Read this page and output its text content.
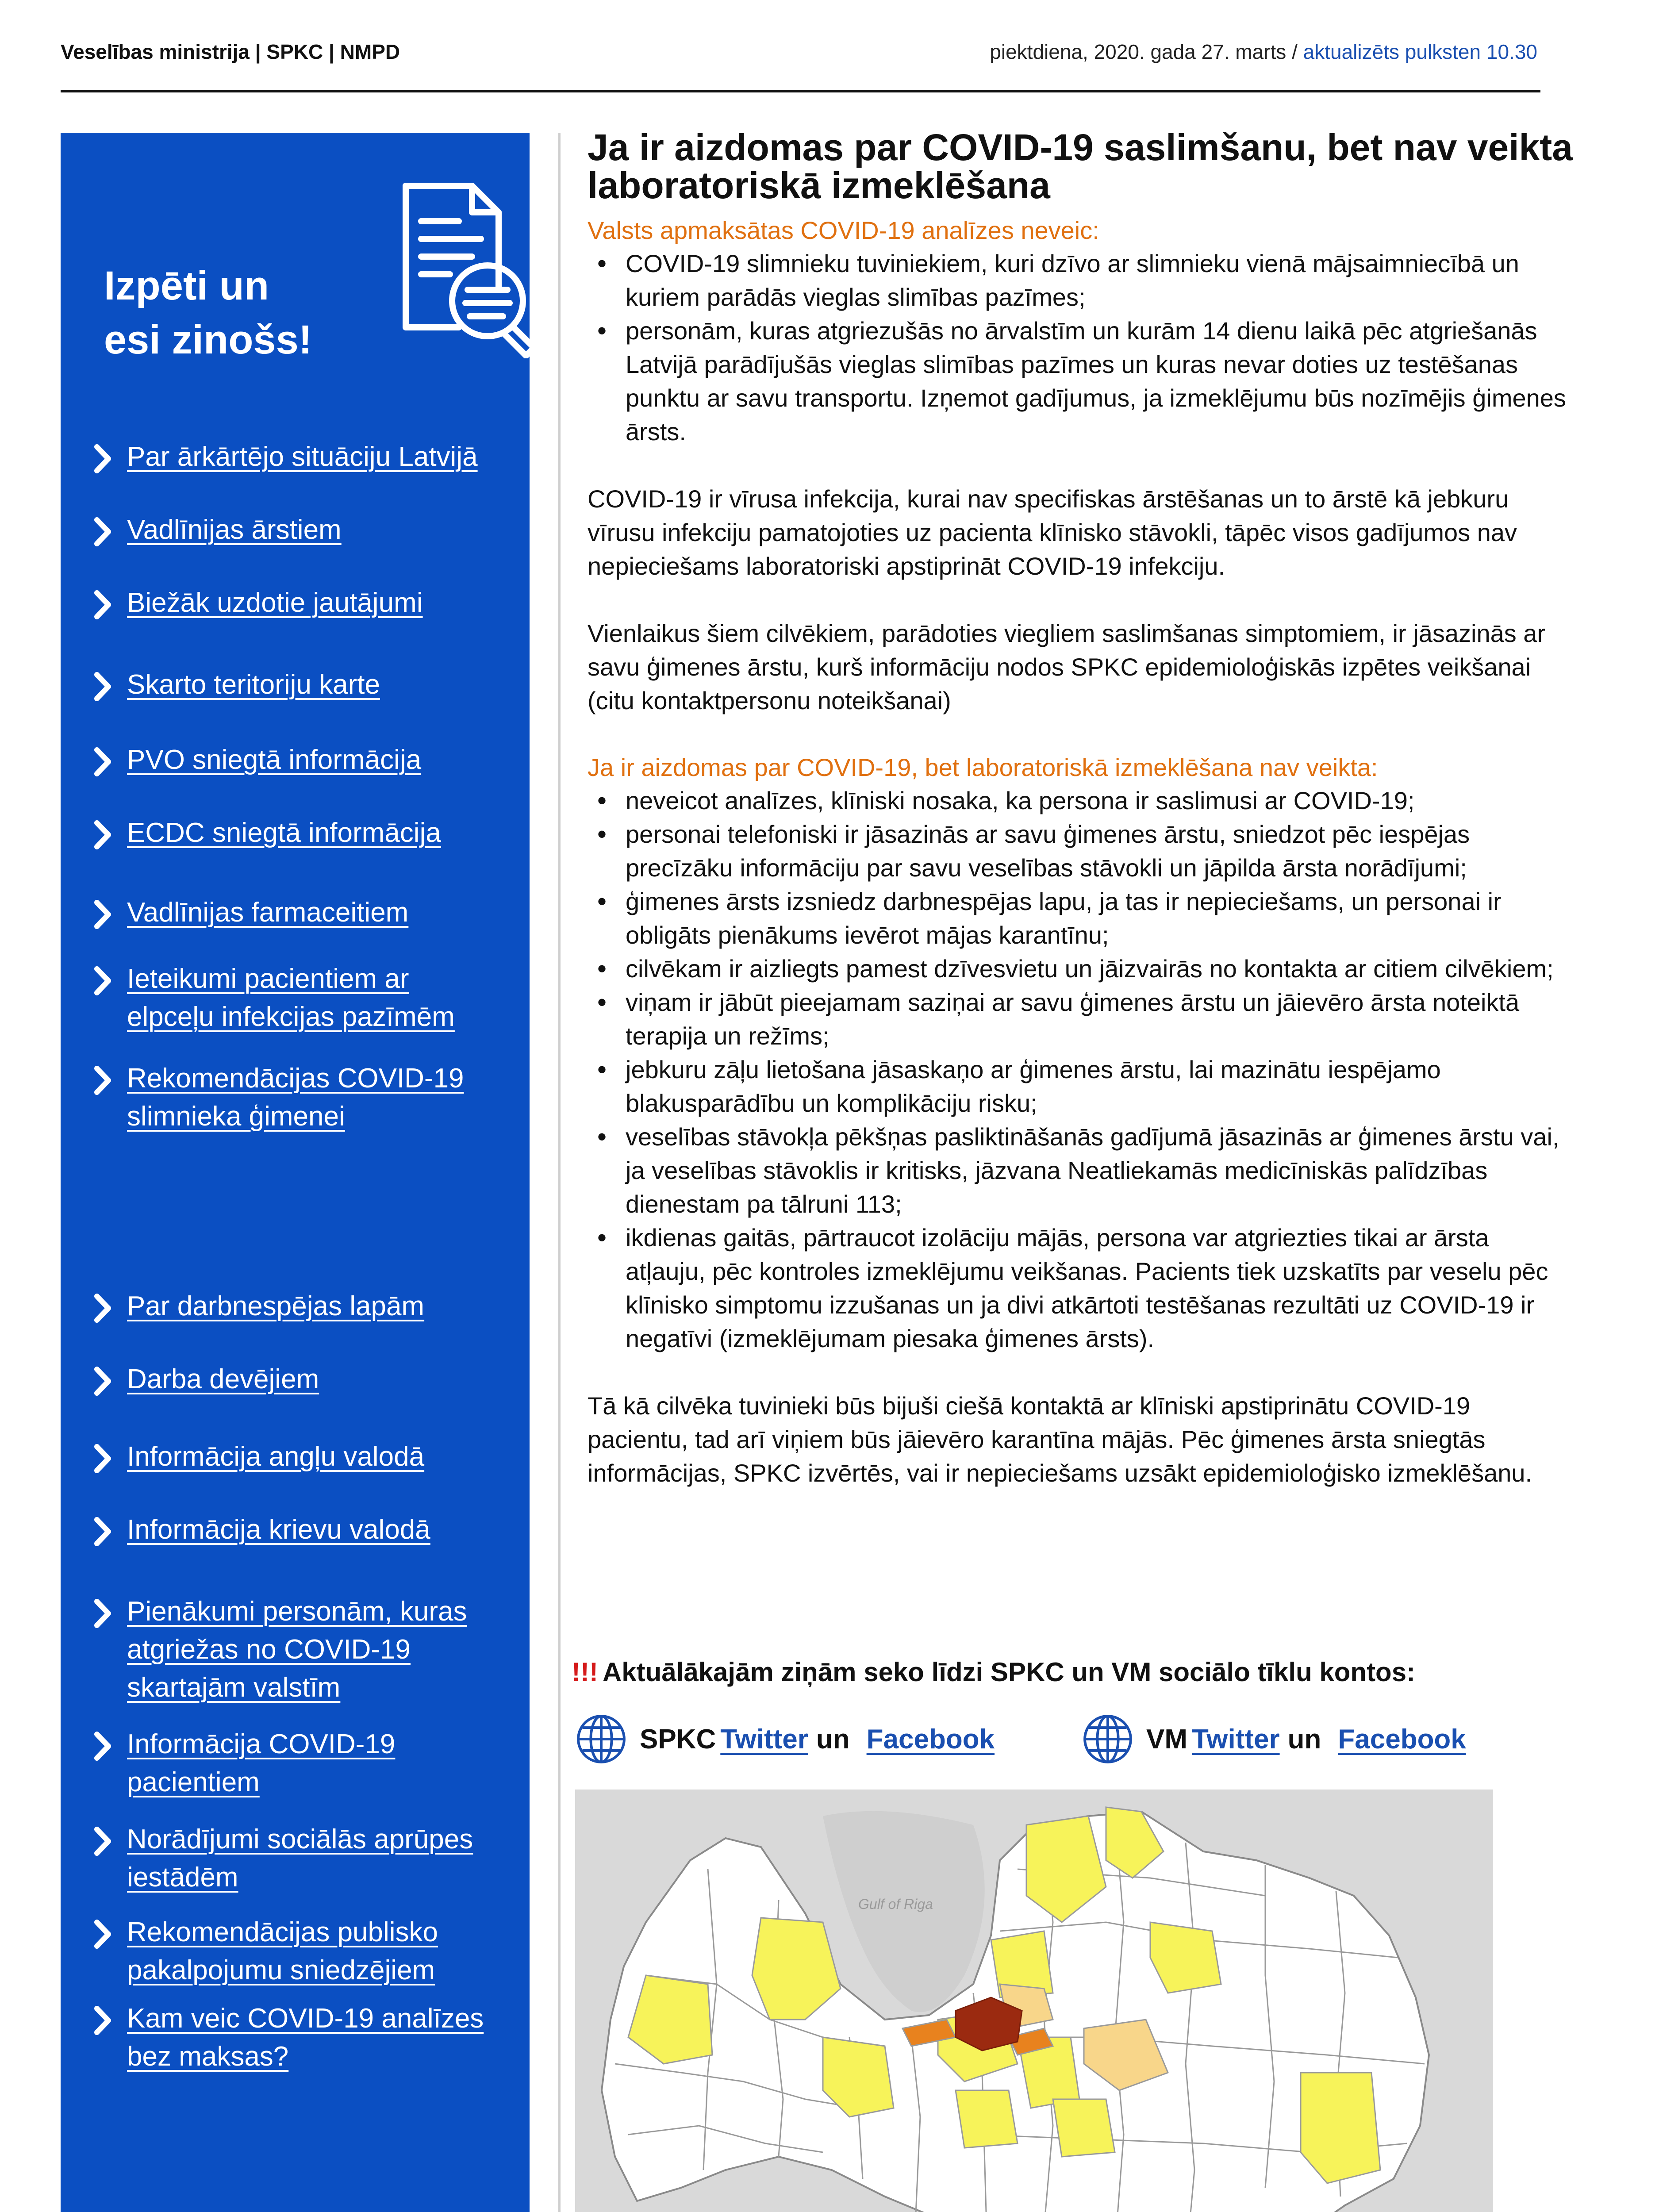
Veselības ministrija | SPKC | NMPD	piektdiena, 2020. gada 27. marts / aktualizēts pulksten 10.30
Izpēti un
esi zinošs!
Par ārkārtējo situāciju Latvijā
Vadlīnijas ārstiem
Biežāk uzdotie jautājumi
Skarto teritoriju karte
PVO sniegtā informācija
ECDC sniegtā informācija
Vadlīnijas farmaceitiem
Ieteikumi pacientiem ar elpceļu infekcijas pazīmēm
Rekomendācijas COVID-19 slimnieka ģimenei
Par darbnespējas lapām
Darba devējiem
Informācija angļu valodā
Informācija krievu valodā
Pienākumi personām, kuras atgriežas no COVID-19 skartajām valstīm
Informācija COVID-19 pacientiem
Norādījumi sociālās aprūpes iestādēm
Rekomendācijas publisko pakalpojumu sniedzējiem
Kam veic COVID-19 analīzes bez maksas?
Ja ir aizdomas par COVID-19 saslimšanu, bet nav veikta laboratoriskā izmeklēšana
Valsts apmaksātas COVID-19 analīzes neveic:
• COVID-19 slimnieku tuviniekiem, kuri dzīvo ar slimnieku vienā mājsaimniecībā un kuriem parādās vieglas slimības pazīmes;
• personām, kuras atgriezušās no ārvalstīm un kurām 14 dienu laikā pēc atgriešanās Latvijā parādījušās vieglas slimības pazīmes un kuras nevar doties uz testēšanas punktu ar savu transportu. Izņemot gadījumus, ja izmeklējumu būs nozīmējis ģimenes ārsts.

COVID-19 ir vīrusa infekcija, kurai nav specifiskas ārstēšanas un to ārstē kā jebkuru vīrusu infekciju pamatojoties uz pacienta klīnisko stāvokli, tāpēc visos gadījumos nav nepieciešams laboratoriski apstiprināt COVID-19 infekciju.

Vienlaikus šiem cilvēkiem, parādoties viegliem saslimšanas simptomiem, ir jāsazinās ar savu ģimenes ārstu, kurš informāciju nodos SPKC epidemioloģiskās izpētes veikšanai (citu kontaktpersonu noteikšanai)

Ja ir aizdomas par COVID-19, bet laboratoriskā izmeklēšana nav veikta:
• neveicot analīzes, klīniski nosaka, ka persona ir saslimusi ar COVID-19;
• personai telefoniski ir jāsazinās ar savu ģimenes ārstu, sniedzot pēc iespējas precīzāku informāciju par savu veselības stāvokli un jāpilda ārsta norādījumi;
• ģimenes ārsts izsniedz darbnespējas lapu, ja tas ir nepieciešams, un personai ir obligāts pienākums ievērot mājas karantīnu;
• cilvēkam ir aizliegts pamest dzīvesvietu un jāizvairās no kontakta ar citiem cilvēkiem;
• viņam ir jābūt pieejamam saziņai ar savu ģimenes ārstu un jāievēro ārsta noteiktā terapija un režīms;
• jebkuru zāļu lietošana jāsaskaņo ar ģimenes ārstu, lai mazinātu iespējamo blakusparādību un komplikāciju risku;
• veselības stāvokļa pēkšņas pasliktināšanās gadījumā jāsazinās ar ģimenes ārstu vai, ja veselības stāvoklis ir kritisks, jāzvana Neatliekamās medicīniskās palīdzības dienestam pa tālruni 113;
• ikdienas gaitās, pārtraucot izolāciju mājās, persona var atgriezties tikai ar ārsta atļauju, pēc kontroles izmeklējumu veikšanas. Pacients tiek uzskatīts par veselu pēc klīnisko simptomu izzušanas un ja divi atkārtoti testēšanas rezultāti uz COVID-19 ir negatīvi (izmeklējumam piesaka ģimenes ārsts).

Tā kā cilvēka tuvinieki būs bijuši ciešā kontaktā ar klīniski apstiprinātu COVID-19 pacientu, tad arī viņiem būs jāievēro karantīna mājās. Pēc ģimenes ārsta sniegtās informācijas, SPKC izvērtēs, vai ir nepieciešams uzsākt epidemioloģisko izmeklēšanu.

!!! Aktuālākajām ziņām seko līdzi SPKC un VM sociālo tīklu kontos:
SPKC Twitter un Facebook	VM Twitter un Facebook
Gulf of Riga
